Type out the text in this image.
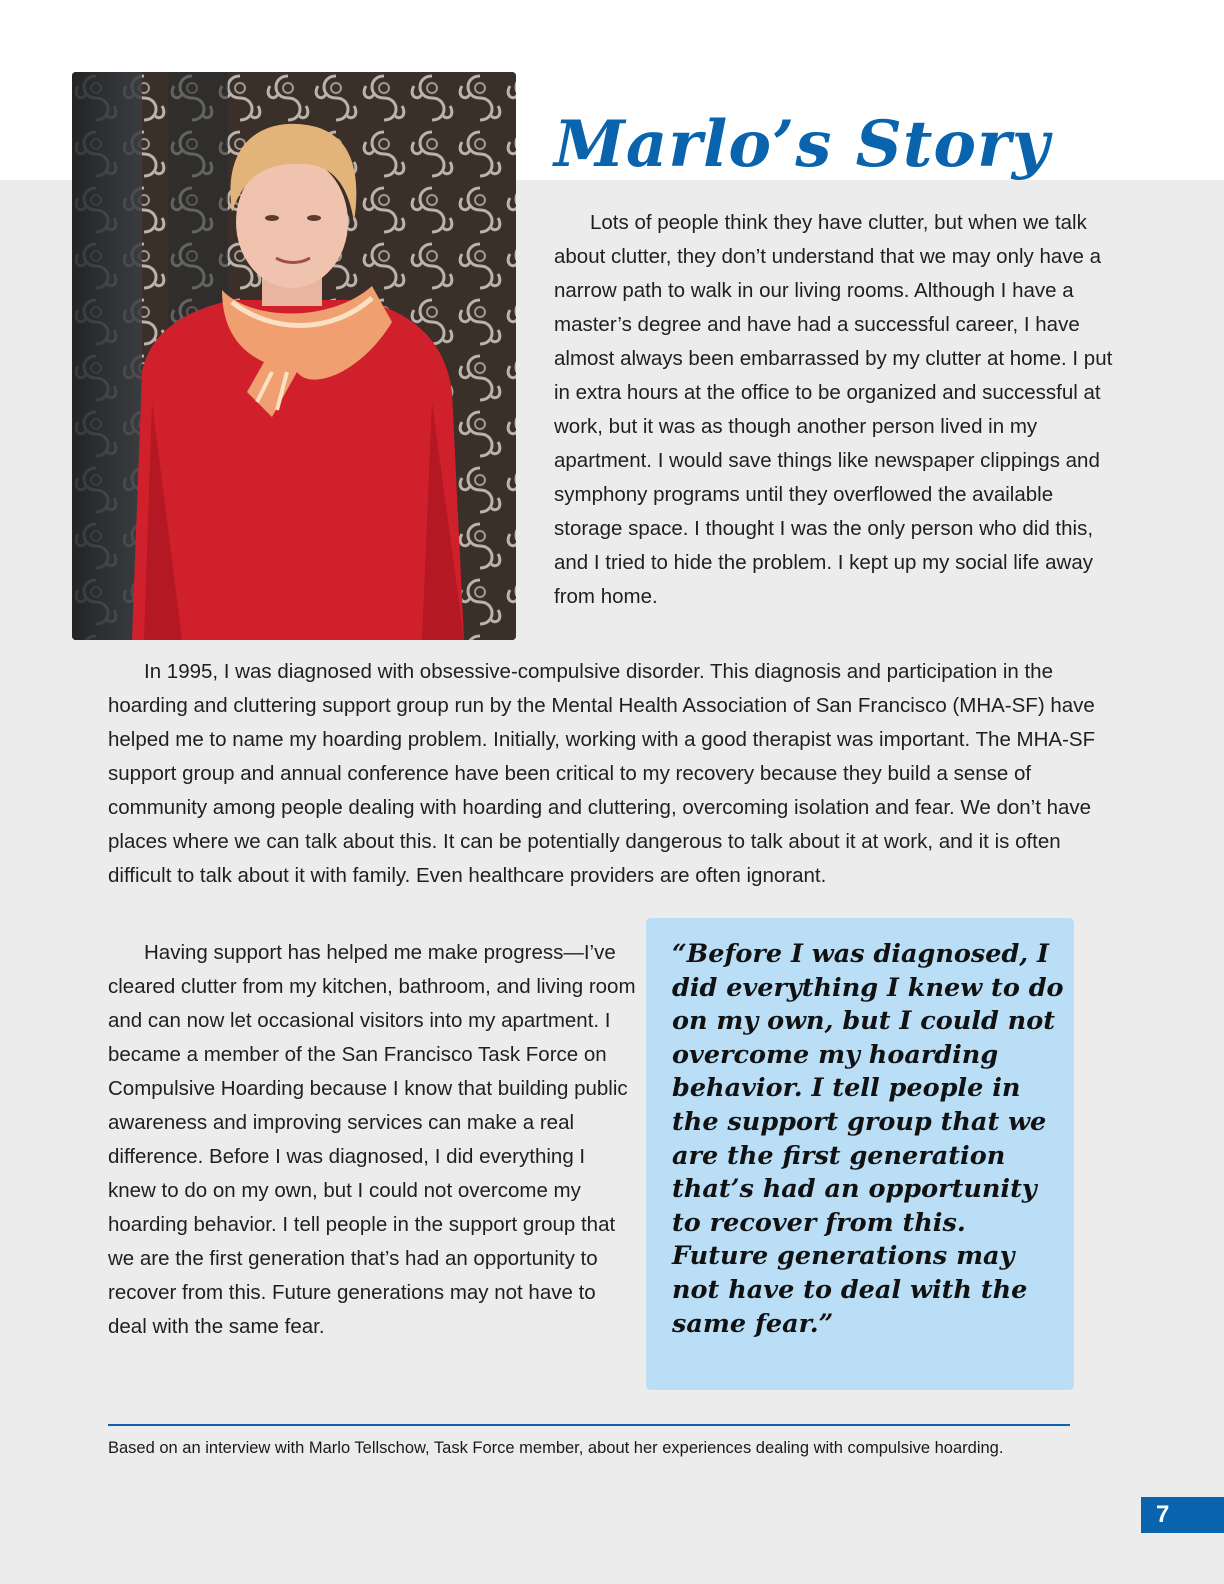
Marlo’s Story

Lots of people think they have clutter, but when we talk about clutter, they don’t understand that we may only have a narrow path to walk in our living rooms. Although I have a master’s degree and have had a successful career, I have almost always been embarrassed by my clutter at home. I put in extra hours at the office to be organized and successful at work, but it was as though another person lived in my apartment. I would save things like newspaper clippings and symphony programs until they overflowed the available storage space. I thought I was the only person who did this, and I tried to hide the problem. I kept up my social life away from home.

In 1995, I was diagnosed with obsessive-compulsive disorder. This diagnosis and participation in the hoarding and cluttering support group run by the Mental Health Association of San Francisco (MHA-SF) have helped me to name my hoarding problem. Initially, working with a good therapist was important. The MHA-SF support group and annual conference have been critical to my recovery because they build a sense of community among people dealing with hoarding and cluttering, overcoming isolation and fear. We don’t have places where we can talk about this. It can be potentially dangerous to talk about it at work, and it is often difficult to talk about it with family. Even healthcare providers are often ignorant.

Having support has helped me make progress—I’ve cleared clutter from my kitchen, bathroom, and living room and can now let occasional visitors into my apartment. I became a member of the San Francisco Task Force on Compulsive Hoarding because I know that building public awareness and improving services can make a real difference. Before I was diagnosed, I did everything I knew to do on my own, but I could not overcome my hoarding behavior. I tell people in the support group that we are the first generation that’s had an opportunity to recover from this. Future generations may not have to deal with the same fear.

“Before I was diagnosed, I did everything I knew to do on my own, but I could not overcome my hoarding behavior. I tell people in the support group that we are the first generation that’s had an opportunity to recover from this. Future generations may not have to deal with the same fear.”

Based on an interview with Marlo Tellschow, Task Force member, about her experiences dealing with compulsive hoarding.

7
